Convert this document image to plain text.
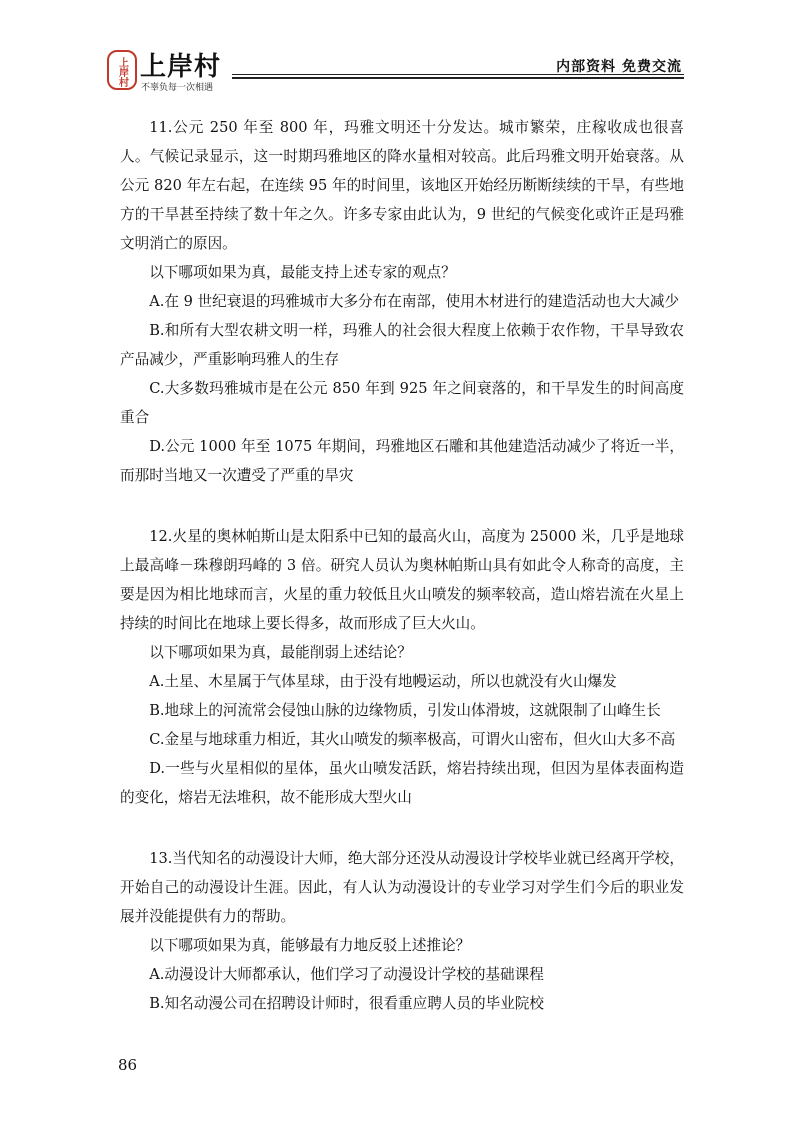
上岸村 上岸村
不辜负每一次相遇
内部资料 免费交流

11.公元 250 年至 800 年，玛雅文明还十分发达。城市繁荣，庄稼收成也很喜人。气候记录显示，这一时期玛雅地区的降水量相对较高。此后玛雅文明开始衰落。从公元 820 年左右起，在连续 95 年的时间里，该地区开始经历断断续续的干旱，有些地方的干旱甚至持续了数十年之久。许多专家由此认为，9 世纪的气候变化或许正是玛雅文明消亡的原因。

以下哪项如果为真，最能支持上述专家的观点？

A.在 9 世纪衰退的玛雅城市大多分布在南部，使用木材进行的建造活动也大大减少

B.和所有大型农耕文明一样，玛雅人的社会很大程度上依赖于农作物，干旱导致农产品减少，严重影响玛雅人的生存

C.大多数玛雅城市是在公元 850 年到 925 年之间衰落的，和干旱发生的时间高度重合

D.公元 1000 年至 1075 年期间，玛雅地区石雕和其他建造活动减少了将近一半，而那时当地又一次遭受了严重的旱灾

12.火星的奥林帕斯山是太阳系中已知的最高火山，高度为 25000 米，几乎是地球上最高峰－珠穆朗玛峰的 3 倍。研究人员认为奥林帕斯山具有如此令人称奇的高度，主要是因为相比地球而言，火星的重力较低且火山喷发的频率较高，造山熔岩流在火星上持续的时间比在地球上要长得多，故而形成了巨大火山。

以下哪项如果为真，最能削弱上述结论？

A.土星、木星属于气体星球，由于没有地幔运动，所以也就没有火山爆发

B.地球上的河流常会侵蚀山脉的边缘物质，引发山体滑坡，这就限制了山峰生长

C.金星与地球重力相近，其火山喷发的频率极高，可谓火山密布，但火山大多不高

D.一些与火星相似的星体，虽火山喷发活跃，熔岩持续出现，但因为星体表面构造的变化，熔岩无法堆积，故不能形成大型火山

13.当代知名的动漫设计大师，绝大部分还没从动漫设计学校毕业就已经离开学校，开始自己的动漫设计生涯。因此，有人认为动漫设计的专业学习对学生们今后的职业发展并没能提供有力的帮助。

以下哪项如果为真，能够最有力地反驳上述推论？

A.动漫设计大师都承认，他们学习了动漫设计学校的基础课程

B.知名动漫公司在招聘设计师时，很看重应聘人员的毕业院校

86
